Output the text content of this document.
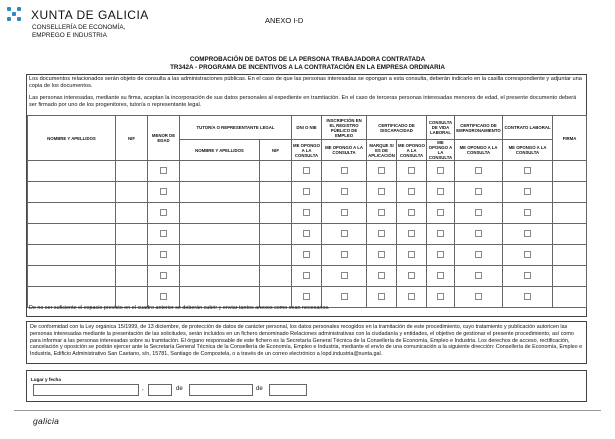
XUNTA DE GALICIA
CONSELLERÍA DE ECONOMÍA,
EMPREGO E INDUSTRIA
ANEXO I-D
COMPROBACIÓN DE DATOS DE LA PERSONA TRABAJADORA CONTRATADA
TR342A - PROGRAMA DE INCENTIVOS A LA CONTRATACIÓN EN LA EMPRESA ORDINARIA
Los documentos relacionados serán objeto de consulta a las administraciones públicas. En el caso de que las personas interesadas se opongan a esta consulta, deberán indicarlo en la casilla correspondiente y adjuntar una copia de los documentos.
Las personas interesadas, mediante su firma, aceptan la incorporación de sus datos personales al expediente en tramitación. En el caso de terceras personas interesadas menores de edad, el presente documento deberá ser firmado por uno de los progenitores, tutor/a o representante legal.
NOMBRE Y APELLIDOS	NIF	MENOR DE EDAD	TUTOR/A O REPRESENTANTE LEGAL		DNI O NIE	INSCRIPCIÓN EN EL REGISTRO PÚBLICO DE EMPLEO	CERTIFICADO DE DISCAPACIDAD		CONSULTA DE VIDA LABORAL	CERTIFICADO DE EMPADRONAMIENTO	CONTRATO LABORAL	FIRMA

			NOMBRE Y APELLIDOS	NIF	ME OPONGO A LA CONSULTA	ME OPONGO A LA CONSULTA	MARQUE SI ES DE APLICACIÓN	ME OPONGO A LA CONSULTA	ME OPONGO A LA CONSULTA	ME OPONGO A LA CONSULTA	ME OPONGO A LA CONSULTA	

De no ser suficiente el espacio previsto en el cuadro anterior se deberán cubrir y enviar tantos anexos como sean necesarios.
De conformidad con la Ley orgánica 15/1999, de 13 diciembre, de protección de datos de carácter personal, los datos personales recogidos en la tramitación de este procedimiento, cuyo tratamiento y publicación autoricen las personas interesadas mediante la presentación de las solicitudes, serán incluidos en un fichero denominado Relaciones administrativas con la ciudadanía y entidades, el objetivo de gestionar el presente procedimiento, así como para informar a las personas interesadas sobre su tramitación. El órgano responsable de este fichero es la Secretaría General Técnica de la Consellería de Economía, Empleo e Industria. Los derechos de acceso, rectificación, cancelación y oposición se podrán ejercer ante la Secretaría General Técnica de la Consellería de Economía, Empleo e Industria, mediante el envío de una comunicación a la siguiente dirección: Consellería de Economía, Empleo e Industria, Edificio Administrativo San Caetano, s/n, 15781, Santiago de Compostela, o a través de un correo electrónico a lopd.industria@xunta.gal.
Lugar y fecha
,	de	de
galicia
